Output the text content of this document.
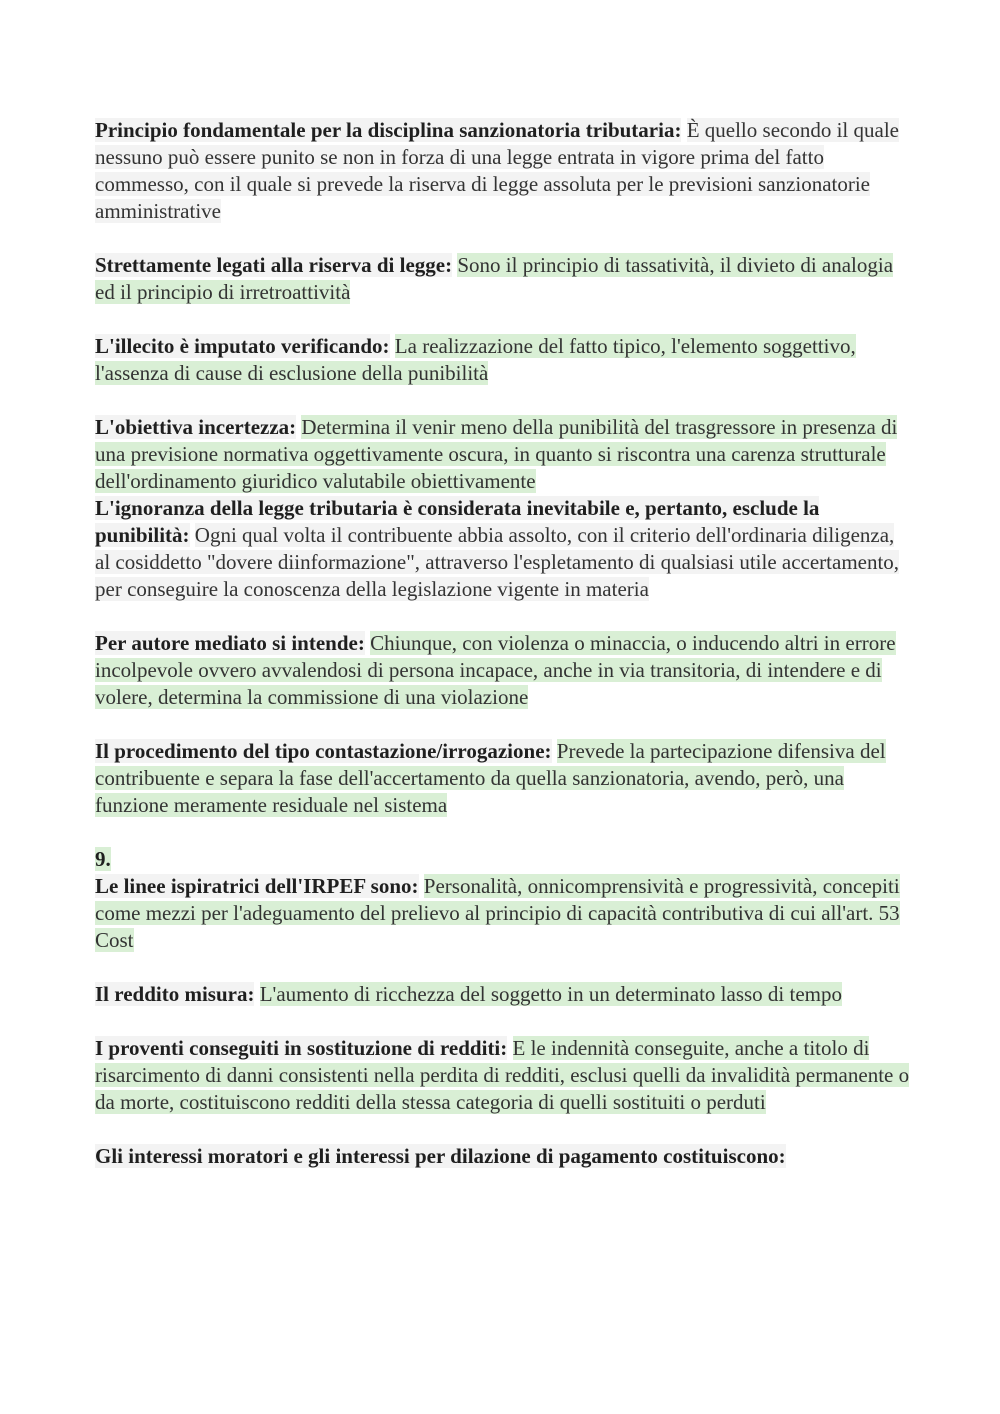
Principio fondamentale per la disciplina sanzionatoria tributaria: È quello secondo il quale nessuno può essere punito se non in forza di una legge entrata in vigore prima del fatto commesso, con il quale si prevede la riserva di legge assoluta per le previsioni sanzionatorie amministrative

Strettamente legati alla riserva di legge: Sono il principio di tassatività, il divieto di analogia ed il principio di irretroattività

L'illecito è imputato verificando: La realizzazione del fatto tipico, l'elemento soggettivo, l'assenza di cause di esclusione della punibilità

L'obiettiva incertezza: Determina il venir meno della punibilità del trasgressore in presenza di una previsione normativa oggettivamente oscura, in quanto si riscontra una carenza strutturale dell'ordinamento giuridico valutabile obiettivamente

L'ignoranza della legge tributaria è considerata inevitabile e, pertanto, esclude la punibilità: Ogni qual volta il contribuente abbia assolto, con il criterio dell'ordinaria diligenza, al cosiddetto "dovere diinformazione", attraverso l'espletamento di qualsiasi utile accertamento, per conseguire la conoscenza della legislazione vigente in materia

Per autore mediato si intende: Chiunque, con violenza o minaccia, o inducendo altri in errore incolpevole ovvero avvalendosi di persona incapace, anche in via transitoria, di intendere e di volere, determina la commissione di una violazione

Il procedimento del tipo contastazione/irrogazione: Prevede la partecipazione difensiva del contribuente e separa la fase dell'accertamento da quella sanzionatoria, avendo, però, una funzione meramente residuale nel sistema

9.

Le linee ispiratrici dell'IRPEF sono: Personalità, onnicomprensività e progressività, concepiti come mezzi per l'adeguamento del prelievo al principio di capacità contributiva di cui all'art. 53 Cost

Il reddito misura: L'aumento di ricchezza del soggetto in un determinato lasso di tempo

I proventi conseguiti in sostituzione di redditi: E le indennità conseguite, anche a titolo di risarcimento di danni consistenti nella perdita di redditi, esclusi quelli da invalidità permanente o da morte, costituiscono redditi della stessa categoria di quelli sostituiti o perduti

Gli interessi moratori e gli interessi per dilazione di pagamento costituiscono:
